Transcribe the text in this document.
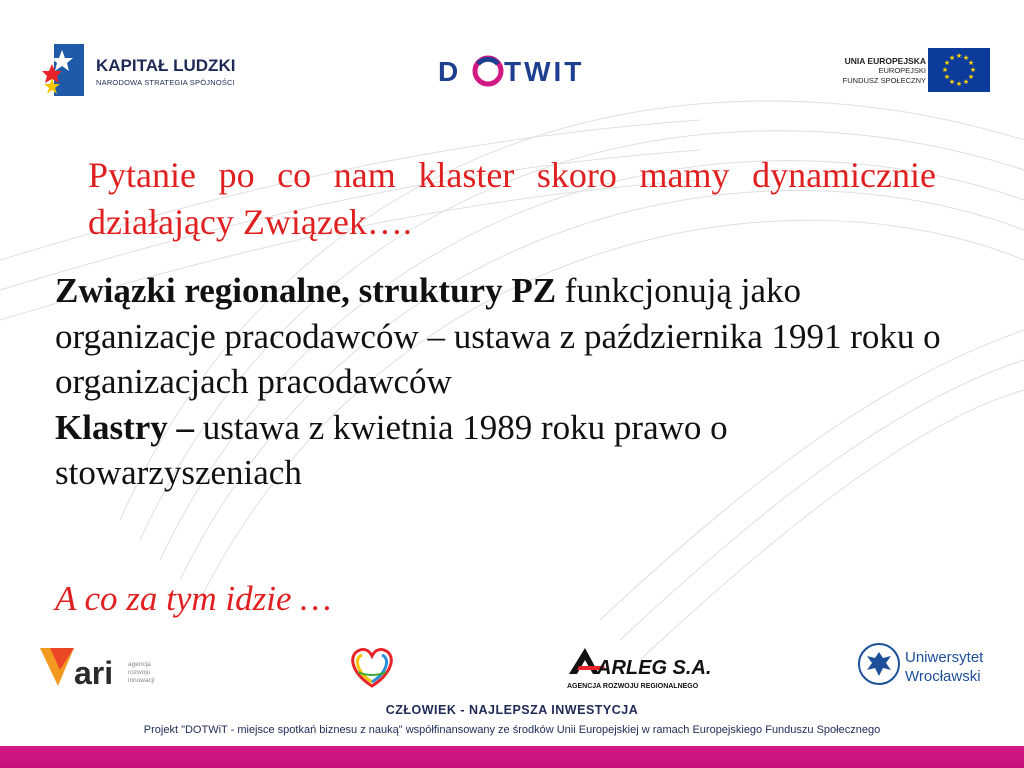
KAPITAŁ LUDZKI
NARODOWA STRATEGIA SPÓJNOŚCI	D TWIT	UNIA EUROPEJSKA
EUROPEJSKI
FUNDUSZ SPOŁECZNY
★ ★
★
★
★
★
★
★
★
★
★
★
Pytanie po co nam klaster skoro mamy dynamicznie działający Związek….

Związki regionalne, struktury PZ funkcjonują jako organizacje pracodawców – ustawa z października 1991 roku o organizacjach pracodawców

Klastry – ustawa z kwietnia 1989 roku prawo o stowarzyszeniach

A co za tym idzie …
ari agencja
rozwoju
innowacji
ARLEG S.A.
AGENCJA ROZWOJU REGIONALNEGO
Uniwersytet
Wrocławski
CZŁOWIEK - NAJLEPSZA INWESTYCJA
Projekt "DOTWiT - miejsce spotkań biznesu z nauką" współfinansowany ze środków Unii Europejskiej w ramach Europejskiego Funduszu Społecznego
